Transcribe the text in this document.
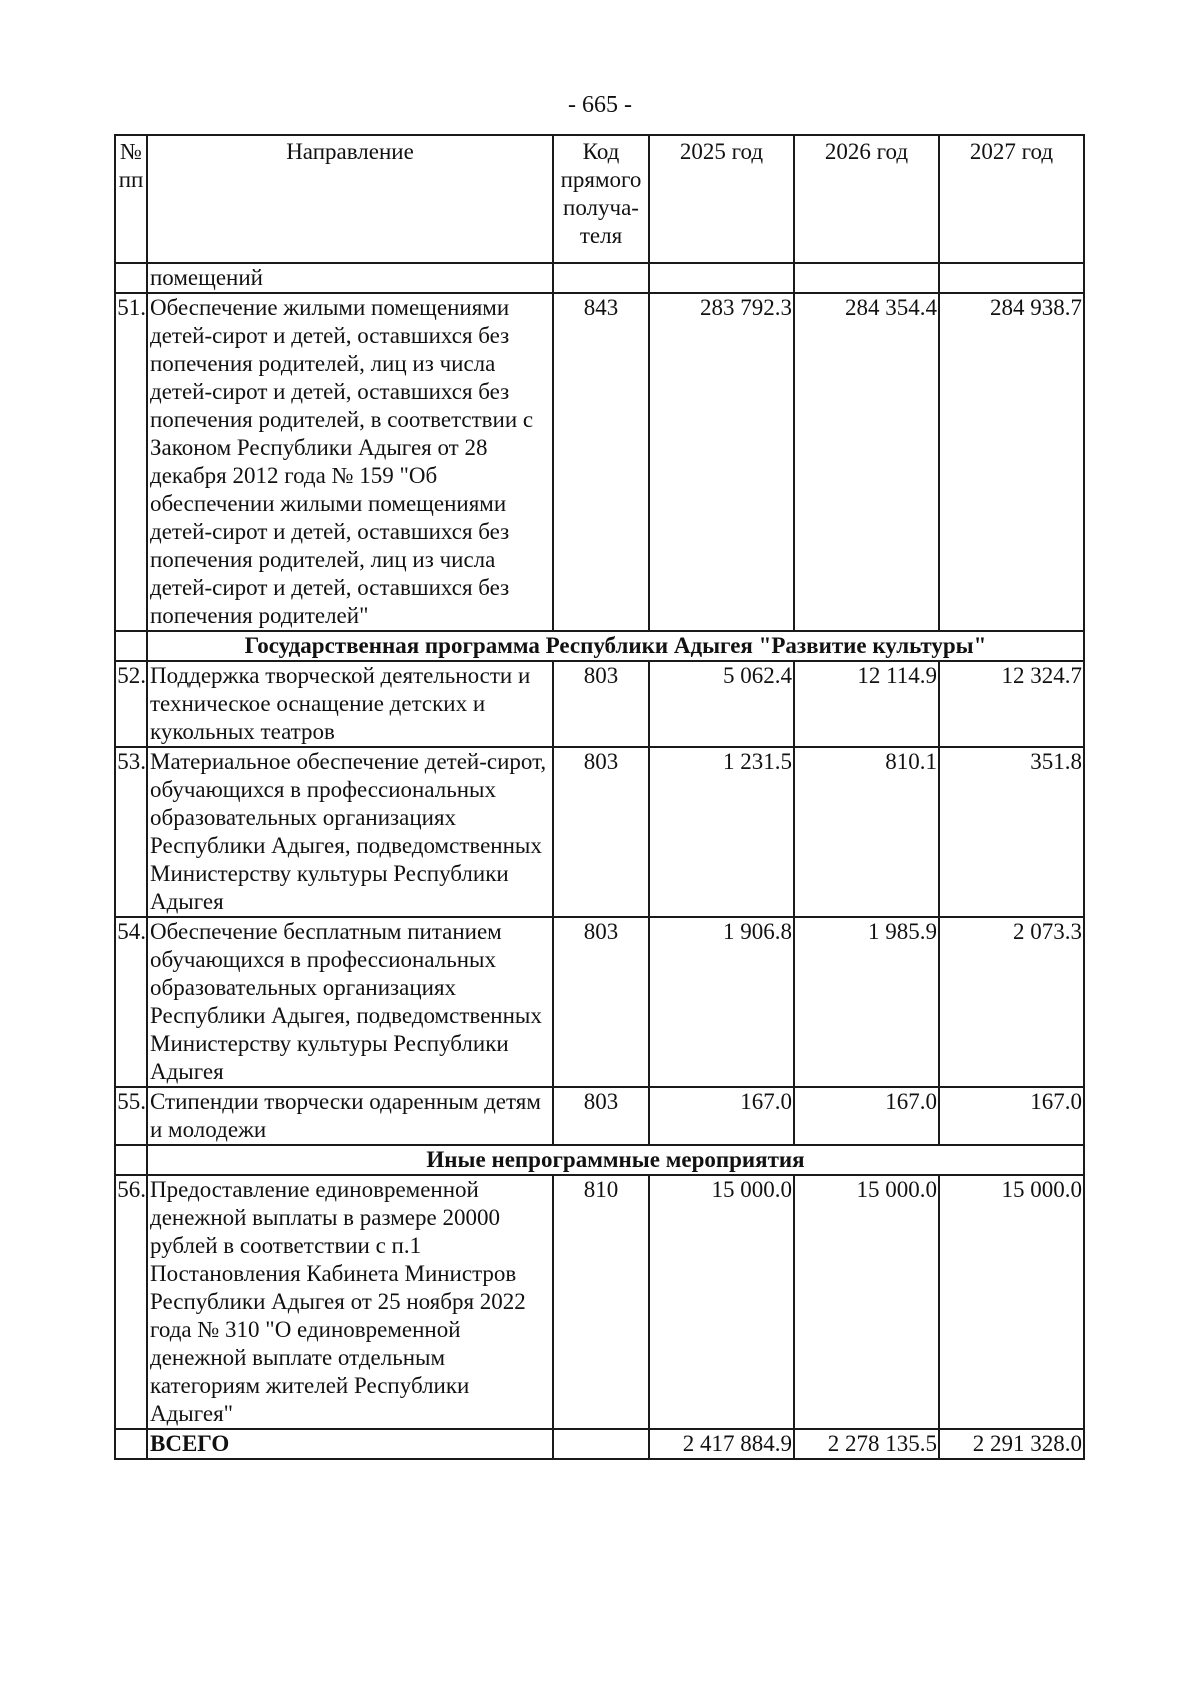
- 665 -
№ пп	Направление	Код прямого получа-теля	2025 год	2026 год	2027 год
	помещений				
51.	Обеспечение жилыми помещениями детей-сирот и детей, оставшихся без попечения родителей, лиц из числа детей-сирот и детей, оставшихся без попечения родителей, в соответствии с Законом Республики Адыгея от 28 декабря 2012 года № 159 "Об обеспечении жилыми помещениями детей-сирот и детей, оставшихся без попечения родителей, лиц из числа детей-сирот и детей, оставшихся без попечения родителей"	843	283 792.3	284 354.4	284 938.7
	Государственная программа Республики Адыгея "Развитие культуры"				
52.	Поддержка творческой деятельности и техническое оснащение детских и кукольных театров	803	5 062.4	12 114.9	12 324.7
53.	Материальное обеспечение детей-сирот, обучающихся в профессиональных образовательных организациях Республики Адыгея, подведомственных Министерству культуры Республики Адыгея	803	1 231.5	810.1	351.8
54.	Обеспечение бесплатным питанием обучающихся в профессиональных образовательных организациях Республики Адыгея, подведомственных Министерству культуры Республики Адыгея	803	1 906.8	1 985.9	2 073.3
55.	Стипендии творчески одаренным детям и молодежи	803	167.0	167.0	167.0
	Иные непрограммные мероприятия				
56.	Предоставление единовременной денежной выплаты в размере 20000 рублей в соответствии с п.1 Постановления Кабинета Министров Республики Адыгея от 25 ноября 2022 года № 310 "О единовременной денежной выплате отдельным категориям жителей Республики Адыгея"	810	15 000.0	15 000.0	15 000.0
	ВСЕГО		2 417 884.9	2 278 135.5	2 291 328.0
